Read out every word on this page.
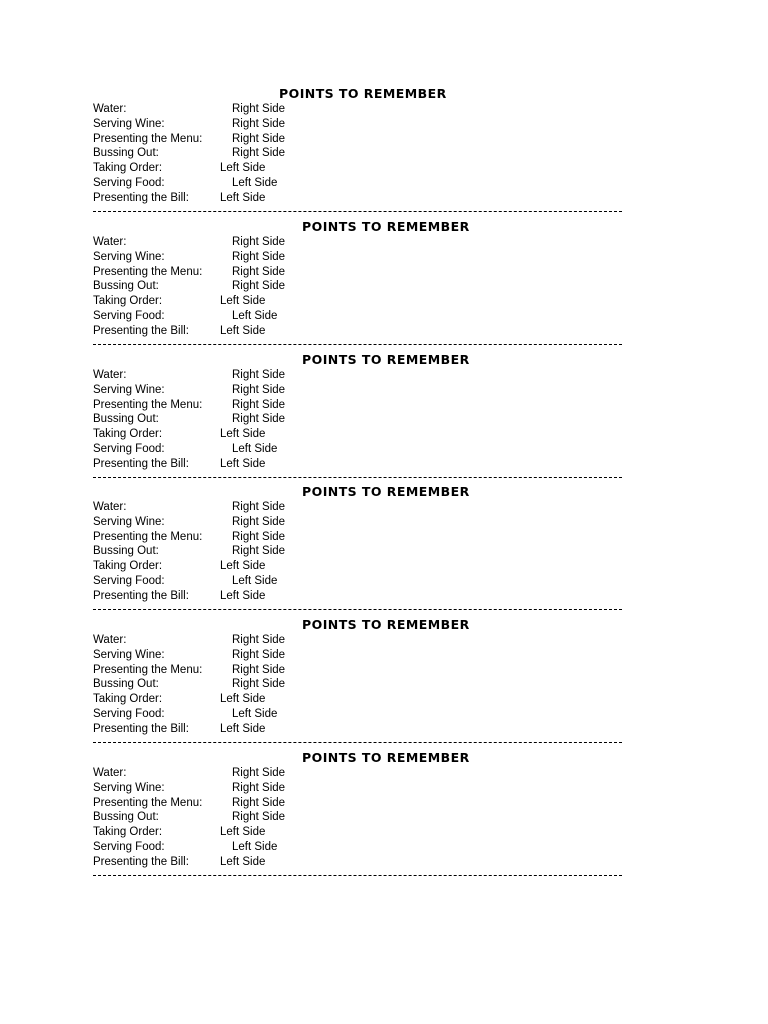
POINTS TO REMEMBER
Water:	Right Side
Serving Wine:	Right Side
Presenting the Menu:	Right Side
Bussing Out:	Right Side
Taking Order:	Left Side
Serving Food:	Left Side
Presenting the Bill:	Left Side
POINTS TO REMEMBER
Water:	Right Side
Serving Wine:	Right Side
Presenting the Menu:	Right Side
Bussing Out:	Right Side
Taking Order:	Left Side
Serving Food:	Left Side
Presenting the Bill:	Left Side
POINTS TO REMEMBER
Water:	Right Side
Serving Wine:	Right Side
Presenting the Menu:	Right Side
Bussing Out:	Right Side
Taking Order:	Left Side
Serving Food:	Left Side
Presenting the Bill:	Left Side
POINTS TO REMEMBER
Water:	Right Side
Serving Wine:	Right Side
Presenting the Menu:	Right Side
Bussing Out:	Right Side
Taking Order:	Left Side
Serving Food:	Left Side
Presenting the Bill:	Left Side
POINTS TO REMEMBER
Water:	Right Side
Serving Wine:	Right Side
Presenting the Menu:	Right Side
Bussing Out:	Right Side
Taking Order:	Left Side
Serving Food:	Left Side
Presenting the Bill:	Left Side
POINTS TO REMEMBER
Water:	Right Side
Serving Wine:	Right Side
Presenting the Menu:	Right Side
Bussing Out:	Right Side
Taking Order:	Left Side
Serving Food:	Left Side
Presenting the Bill:	Left Side
